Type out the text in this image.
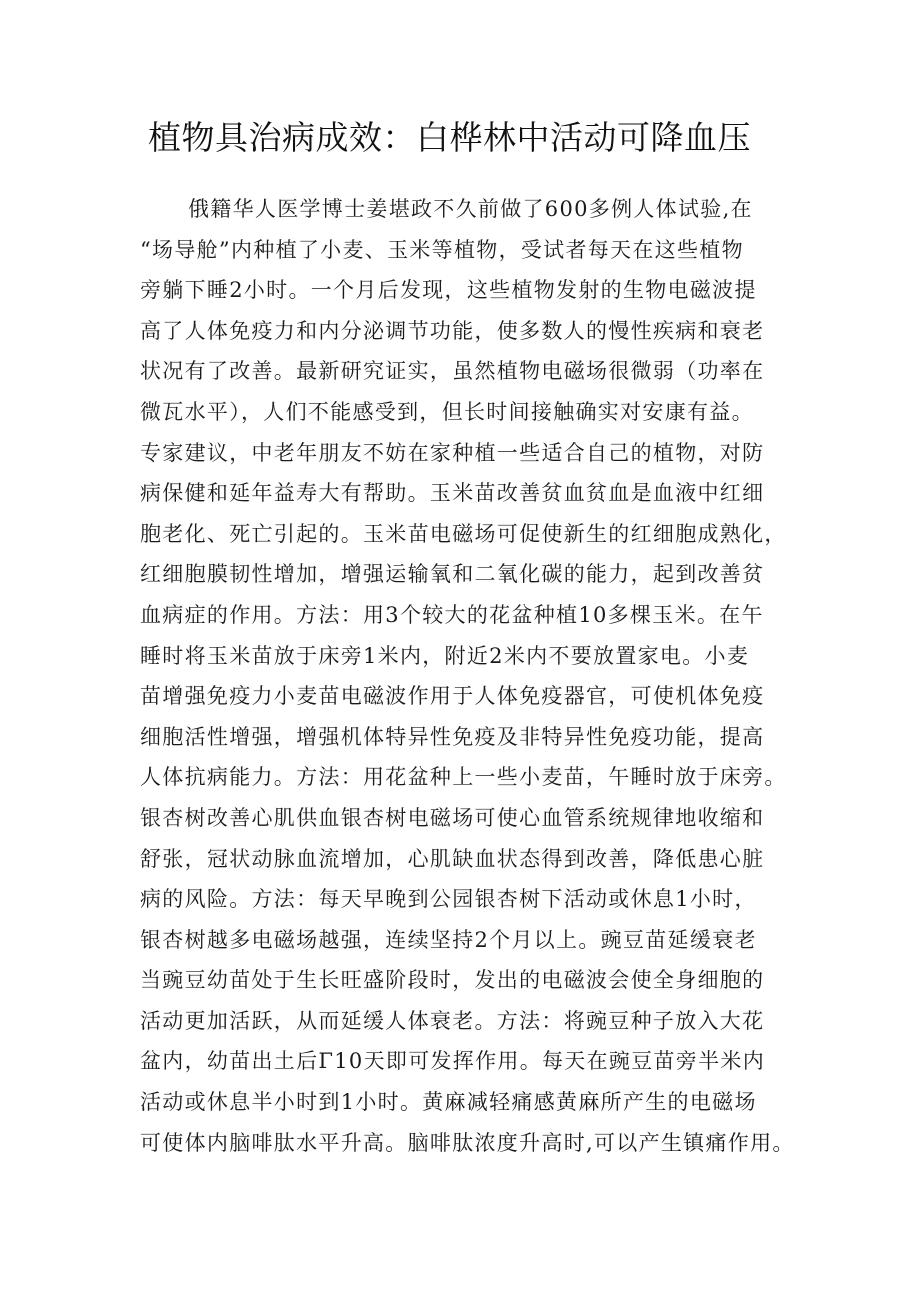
植物具治病成效：白桦林中活动可降血压
俄籍华人医学博士姜堪政不久前做了600多例人体试验,在
“场导舱”内种植了小麦、玉米等植物，受试者每天在这些植物
旁躺下睡2小时。一个月后发现，这些植物发射的生物电磁波提
高了人体免疫力和内分泌调节功能，使多数人的慢性疾病和衰老
状况有了改善。最新研究证实，虽然植物电磁场很微弱（功率在
微瓦水平），人们不能感受到，但长时间接触确实对安康有益。
专家建议，中老年朋友不妨在家种植一些适合自己的植物，对防
病保健和延年益寿大有帮助。玉米苗改善贫血贫血是血液中红细
胞老化、死亡引起的。玉米苗电磁场可促使新生的红细胞成熟化，
红细胞膜韧性增加，增强运输氧和二氧化碳的能力，起到改善贫
血病症的作用。方法：用3个较大的花盆种植10多棵玉米。在午
睡时将玉米苗放于床旁1米内，附近2米内不要放置家电。小麦
苗增强免疫力小麦苗电磁波作用于人体免疫器官，可使机体免疫
细胞活性增强，增强机体特异性免疫及非特异性免疫功能，提高
人体抗病能力。方法：用花盆种上一些小麦苗，午睡时放于床旁。
银杏树改善心肌供血银杏树电磁场可使心血管系统规律地收缩和
舒张，冠状动脉血流增加，心肌缺血状态得到改善，降低患心脏
病的风险。方法：每天早晚到公园银杏树下活动或休息1小时，
银杏树越多电磁场越强，连续坚持2个月以上。豌豆苗延缓衰老
当豌豆幼苗处于生长旺盛阶段时，发出的电磁波会使全身细胞的
活动更加活跃，从而延缓人体衰老。方法：将豌豆种子放入大花
盆内，幼苗出土后Γ10天即可发挥作用。每天在豌豆苗旁半米内
活动或休息半小时到1小时。黄麻减轻痛感黄麻所产生的电磁场
可使体内脑啡肽水平升高。脑啡肽浓度升高时,可以产生镇痛作用。
